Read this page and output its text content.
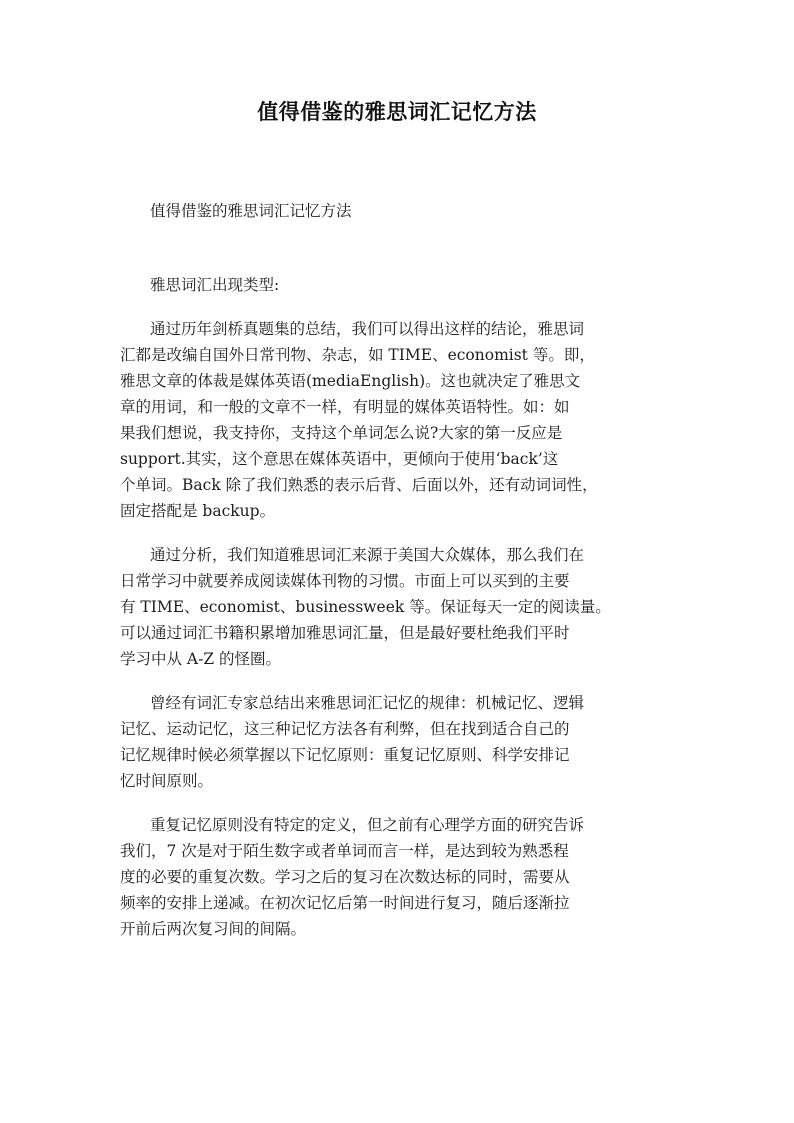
值得借鉴的雅思词汇记忆方法
值得借鉴的雅思词汇记忆方法
雅思词汇出现类型:
通过历年剑桥真题集的总结，我们可以得出这样的结论，雅思词
汇都是改编自国外日常刊物、杂志，如 TIME、economist 等。即，
雅思文章的体裁是媒体英语(mediaEnglish)。这也就决定了雅思文
章的用词，和一般的文章不一样，有明显的媒体英语特性。如：如
果我们想说，我支持你，支持这个单词怎么说?大家的第一反应是
support.其实，这个意思在媒体英语中，更倾向于使用‘back’这
个单词。Back 除了我们熟悉的表示后背、后面以外，还有动词词性，
固定搭配是 backup。
通过分析，我们知道雅思词汇来源于美国大众媒体，那么我们在
日常学习中就要养成阅读媒体刊物的习惯。市面上可以买到的主要
有 TIME、economist、businessweek 等。保证每天一定的阅读量。
可以通过词汇书籍积累增加雅思词汇量，但是最好要杜绝我们平时
学习中从 A-Z 的怪圈。
曾经有词汇专家总结出来雅思词汇记忆的规律：机械记忆、逻辑
记忆、运动记忆，这三种记忆方法各有利弊，但在找到适合自己的
记忆规律时候必须掌握以下记忆原则：重复记忆原则、科学安排记
忆时间原则。
重复记忆原则没有特定的定义，但之前有心理学方面的研究告诉
我们，7 次是对于陌生数字或者单词而言一样，是达到较为熟悉程
度的必要的重复次数。学习之后的复习在次数达标的同时，需要从
频率的安排上递减。在初次记忆后第一时间进行复习，随后逐渐拉
开前后两次复习间的间隔。
